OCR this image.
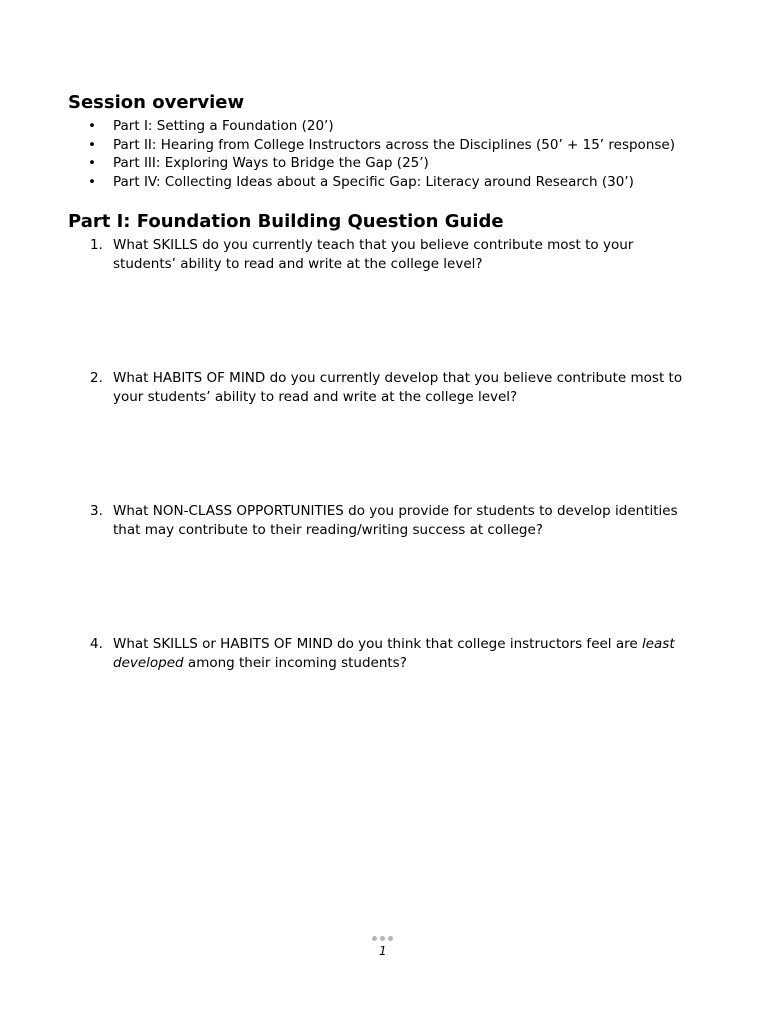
Session overview
• Part I: Setting a Foundation (20’)
• Part II: Hearing from College Instructors across the Disciplines (50’ + 15’ response)
• Part III: Exploring Ways to Bridge the Gap (25’)
• Part IV: Collecting Ideas about a Specific Gap: Literacy around Research (30’)
Part I: Foundation Building Question Guide
1. What SKILLS do you currently teach that you believe contribute most to your
students’ ability to read and write at the college level?
2. What HABITS OF MIND do you currently develop that you believe contribute most to
your students’ ability to read and write at the college level?
3. What NON-CLASS OPPORTUNITIES do you provide for students to develop identities
that may contribute to their reading/writing success at college?
4. What SKILLS or HABITS OF MIND do you think that college instructors feel are least
developed among their incoming students?
1
